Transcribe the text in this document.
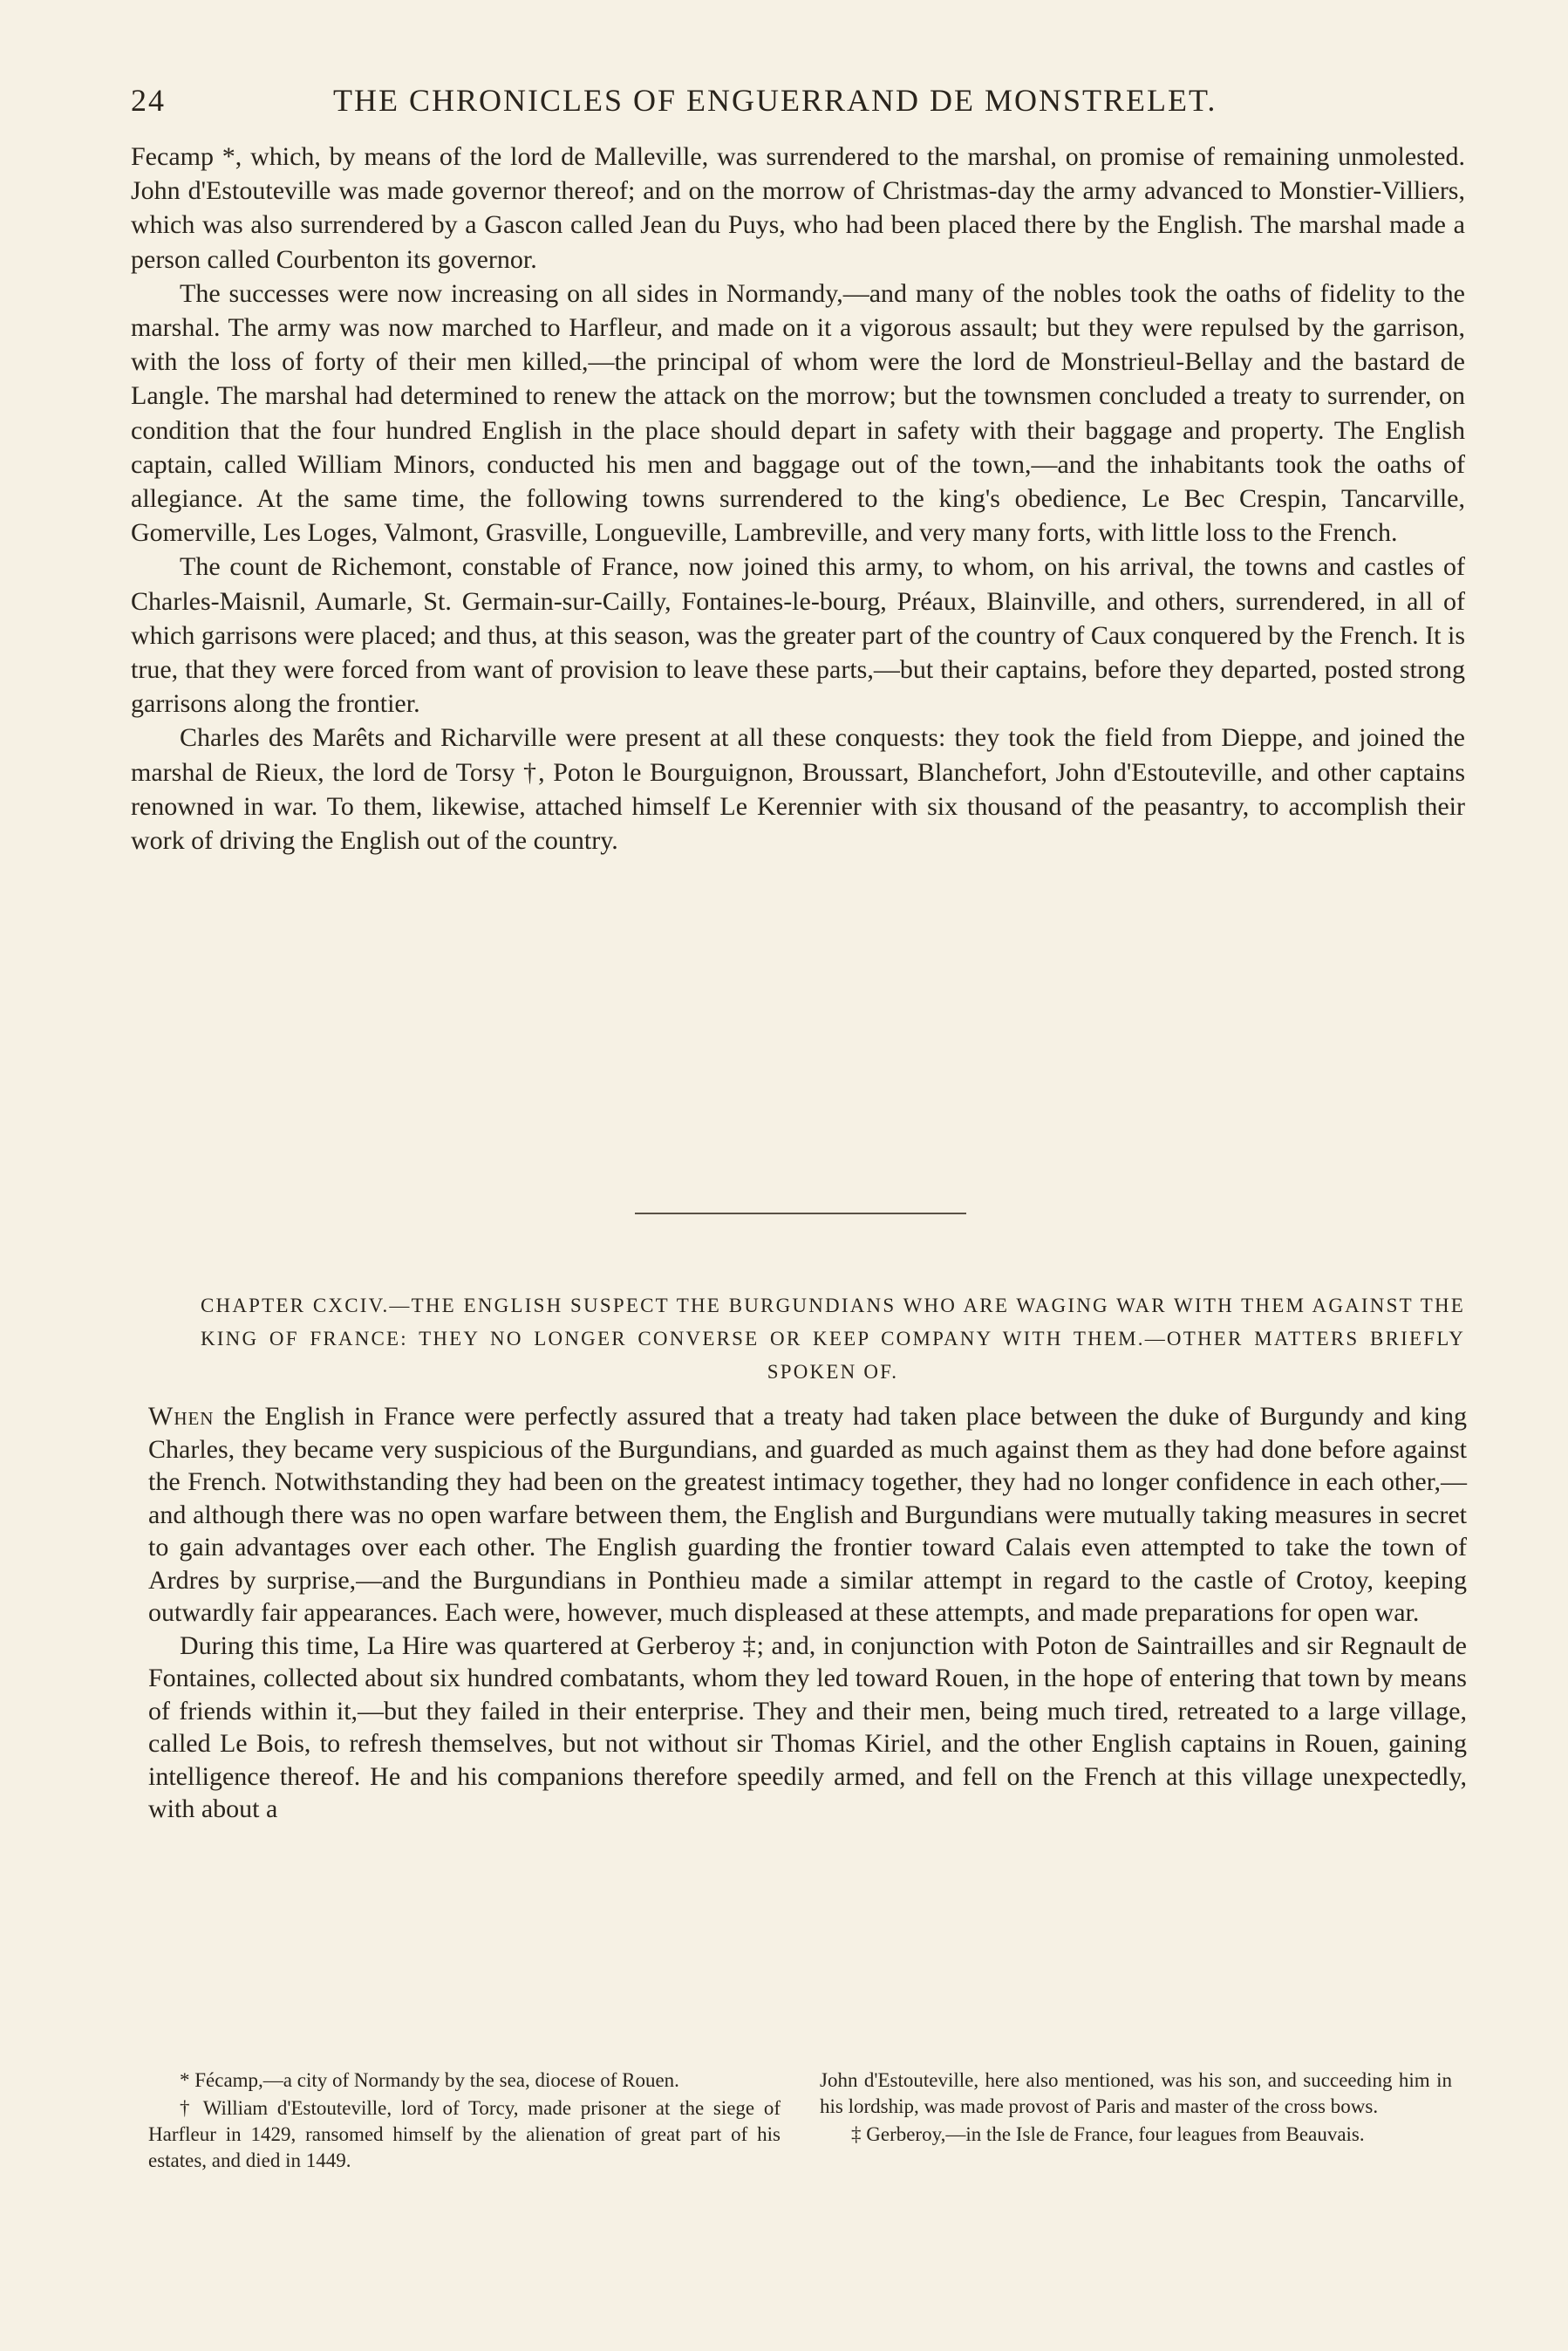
24	THE CHRONICLES OF ENGUERRAND DE MONSTRELET.

Fecamp *, which, by means of the lord de Malleville, was surrendered to the marshal, on promise of remaining unmolested. John d'Estouteville was made governor thereof; and on the morrow of Christmas-day the army advanced to Monstier-Villiers, which was also surrendered by a Gascon called Jean du Puys, who had been placed there by the English. The marshal made a person called Courbenton its governor.

The successes were now increasing on all sides in Normandy,—and many of the nobles took the oaths of fidelity to the marshal. The army was now marched to Harfleur, and made on it a vigorous assault; but they were repulsed by the garrison, with the loss of forty of their men killed,—the principal of whom were the lord de Monstrieul-Bellay and the bastard de Langle. The marshal had determined to renew the attack on the morrow; but the townsmen concluded a treaty to surrender, on condition that the four hundred English in the place should depart in safety with their baggage and property. The English captain, called William Minors, conducted his men and baggage out of the town,—and the inhabitants took the oaths of allegiance. At the same time, the following towns surrendered to the king's obedience, Le Bec Crespin, Tancarville, Gomerville, Les Loges, Valmont, Grasville, Longueville, Lambreville, and very many forts, with little loss to the French.

The count de Richemont, constable of France, now joined this army, to whom, on his arrival, the towns and castles of Charles-Maisnil, Aumarle, St. Germain-sur-Cailly, Fontaines-le-bourg, Préaux, Blainville, and others, surrendered, in all of which garrisons were placed; and thus, at this season, was the greater part of the country of Caux conquered by the French. It is true, that they were forced from want of provision to leave these parts,—but their captains, before they departed, posted strong garrisons along the frontier.

Charles des Marêts and Richarville were present at all these conquests: they took the field from Dieppe, and joined the marshal de Rieux, the lord de Torsy †, Poton le Bourguignon, Broussart, Blanchefort, John d'Estouteville, and other captains renowned in war. To them, likewise, attached himself Le Kerennier with six thousand of the peasantry, to accomplish their work of driving the English out of the country.

CHAPTER CXCIV.—THE ENGLISH SUSPECT THE BURGUNDIANS WHO ARE WAGING WAR WITH THEM AGAINST THE KING OF FRANCE: THEY NO LONGER CONVERSE OR KEEP COMPANY WITH THEM.—OTHER MATTERS BRIEFLY SPOKEN OF.

When the English in France were perfectly assured that a treaty had taken place between the duke of Burgundy and king Charles, they became very suspicious of the Burgundians, and guarded as much against them as they had done before against the French. Notwithstanding they had been on the greatest intimacy together, they had no longer confidence in each other,—and although there was no open warfare between them, the English and Burgundians were mutually taking measures in secret to gain advantages over each other. The English guarding the frontier toward Calais even attempted to take the town of Ardres by surprise,—and the Burgundians in Ponthieu made a similar attempt in regard to the castle of Crotoy, keeping outwardly fair appearances. Each were, however, much displeased at these attempts, and made preparations for open war.

During this time, La Hire was quartered at Gerberoy ‡; and, in conjunction with Poton de Saintrailles and sir Regnault de Fontaines, collected about six hundred combatants, whom they led toward Rouen, in the hope of entering that town by means of friends within it,—but they failed in their enterprise. They and their men, being much tired, retreated to a large village, called Le Bois, to refresh themselves, but not without sir Thomas Kiriel, and the other English captains in Rouen, gaining intelligence thereof. He and his companions therefore speedily armed, and fell on the French at this village unexpectedly, with about a

* Fécamp,—a city of Normandy by the sea, diocese of Rouen.

† William d'Estouteville, lord of Torcy, made prisoner at the siege of Harfleur in 1429, ransomed himself by the alienation of great part of his estates, and died in 1449.

John d'Estouteville, here also mentioned, was his son, and succeeding him in his lordship, was made provost of Paris and master of the cross bows.

‡ Gerberoy,—in the Isle de France, four leagues from Beauvais.
